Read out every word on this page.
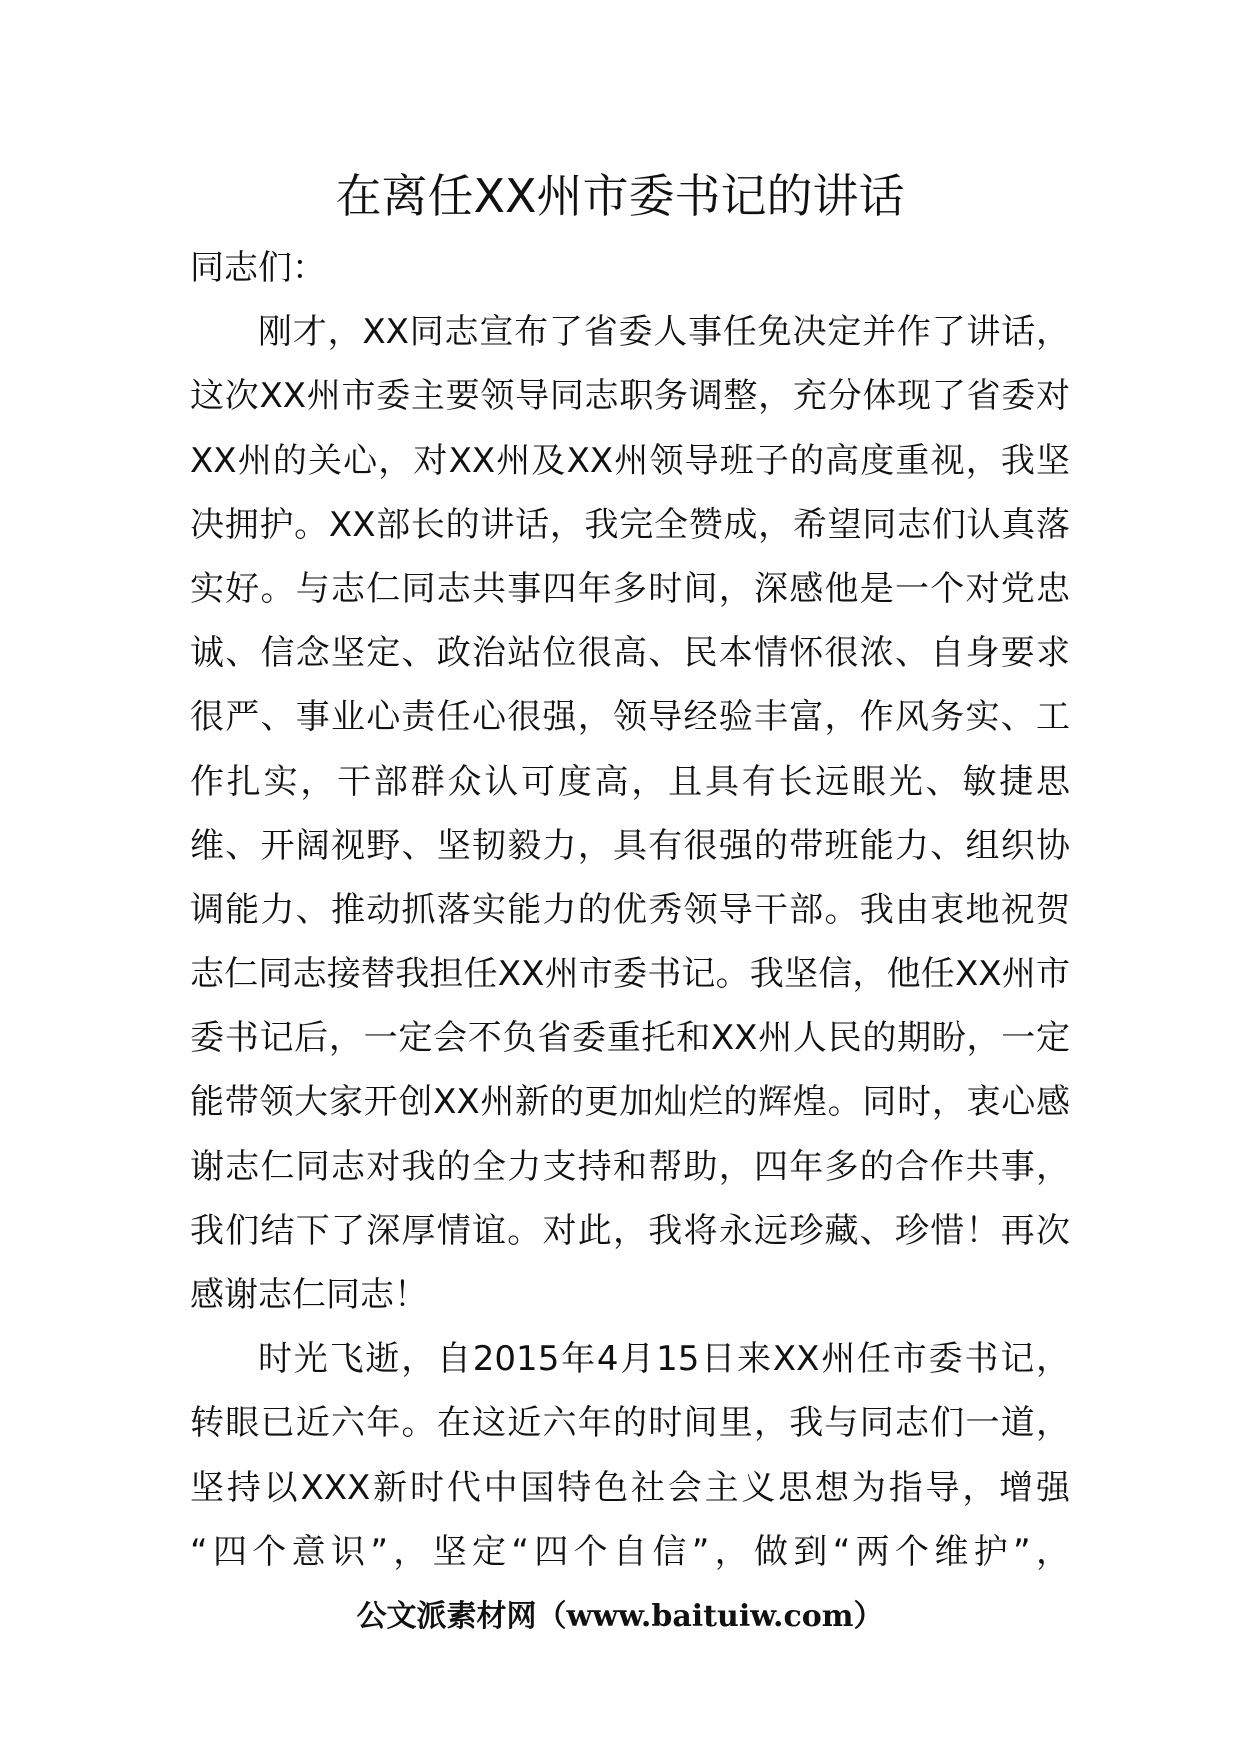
在离任XX州市委书记的讲话
同志们：
刚才，XX同志宣布了省委人事任免决定并作了讲话，
这次XX州市委主要领导同志职务调整，充分体现了省委对
XX州的关心，对XX州及XX州领导班子的高度重视，我坚
决拥护。XX部长的讲话，我完全赞成，希望同志们认真落
实好。与志仁同志共事四年多时间，深感他是一个对党忠
诚、信念坚定、政治站位很高、民本情怀很浓、自身要求
很严、事业心责任心很强，领导经验丰富，作风务实、工
作扎实，干部群众认可度高，且具有长远眼光、敏捷思
维、开阔视野、坚韧毅力，具有很强的带班能力、组织协
调能力、推动抓落实能力的优秀领导干部。我由衷地祝贺
志仁同志接替我担任XX州市委书记。我坚信，他任XX州市
委书记后，一定会不负省委重托和XX州人民的期盼，一定
能带领大家开创XX州新的更加灿烂的辉煌。同时，衷心感
谢志仁同志对我的全力支持和帮助，四年多的合作共事，
我们结下了深厚情谊。对此，我将永远珍藏、珍惜！再次
感谢志仁同志！
时光飞逝，自2015年4月15日来XX州任市委书记，
转眼已近六年。在这近六年的时间里，我与同志们一道，
坚持以XXX新时代中国特色社会主义思想为指导，增强
“四个意识”，坚定“四个自信”，做到“两个维护”，
公文派素材网（www.baituiw.com）
